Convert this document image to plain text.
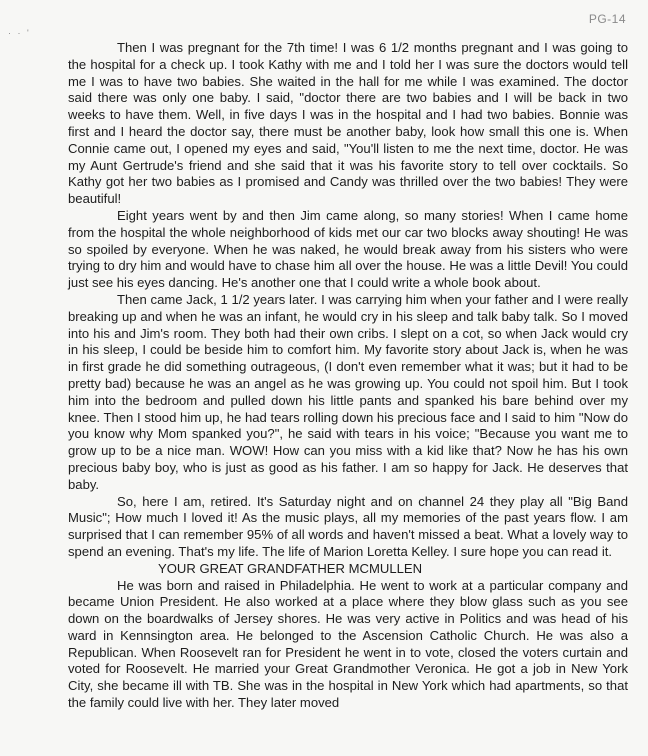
PG-14
· · '

Then I was pregnant for the 7th time! I was 6 1/2 months pregnant and I was going to the hospital for a check up. I took Kathy with me and I told her I was sure the doctors would tell me I was to have two babies. She waited in the hall for me while I was examined. The doctor said there was only one baby. I said, "doctor there are two babies and I will be back in two weeks to have them. Well, in five days I was in the hospital and I had two babies. Bonnie was first and I heard the doctor say, there must be another baby, look how small this one is. When Connie came out, I opened my eyes and said, "You'll listen to me the next time, doctor. He was my Aunt Gertrude's friend and she said that it was his favorite story to tell over cocktails. So Kathy got her two babies as I promised and Candy was thrilled over the two babies! They were beautiful!

Eight years went by and then Jim came along, so many stories! When I came home from the hospital the whole neighborhood of kids met our car two blocks away shouting! He was so spoiled by everyone. When he was naked, he would break away from his sisters who were trying to dry him and would have to chase him all over the house. He was a little Devil! You could just see his eyes dancing. He's another one that I could write a whole book about.

Then came Jack, 1 1/2 years later. I was carrying him when your father and I were really breaking up and when he was an infant, he would cry in his sleep and talk baby talk. So I moved into his and Jim's room. They both had their own cribs. I slept on a cot, so when Jack would cry in his sleep, I could be beside him to comfort him. My favorite story about Jack is, when he was in first grade he did something outrageous, (I don't even remember what it was; but it had to be pretty bad) because he was an angel as he was growing up. You could not spoil him. But I took him into the bedroom and pulled down his little pants and spanked his bare behind over my knee. Then I stood him up, he had tears rolling down his precious face and I said to him "Now do you know why Mom spanked you?", he said with tears in his voice; "Because you want me to grow up to be a nice man. WOW! How can you miss with a kid like that? Now he has his own precious baby boy, who is just as good as his father. I am so happy for Jack. He deserves that baby.

So, here I am, retired. It's Saturday night and on channel 24 they play all "Big Band Music"; How much I loved it! As the music plays, all my memories of the past years flow. I am surprised that I can remember 95% of all words and haven't missed a beat. What a lovely way to spend an evening. That's my life. The life of Marion Loretta Kelley. I sure hope you can read it.

YOUR GREAT GRANDFATHER MCMULLEN

He was born and raised in Philadelphia. He went to work at a particular company and became Union President. He also worked at a place where they blow glass such as you see down on the boardwalks of Jersey shores. He was very active in Politics and was head of his ward in Kennsington area. He belonged to the Ascension Catholic Church. He was also a Republican. When Roosevelt ran for President he went in to vote, closed the voters curtain and voted for Roosevelt. He married your Great Grandmother Veronica. He got a job in New York City, she became ill with TB. She was in the hospital in New York which had apartments, so that the family could live with her. They later moved
